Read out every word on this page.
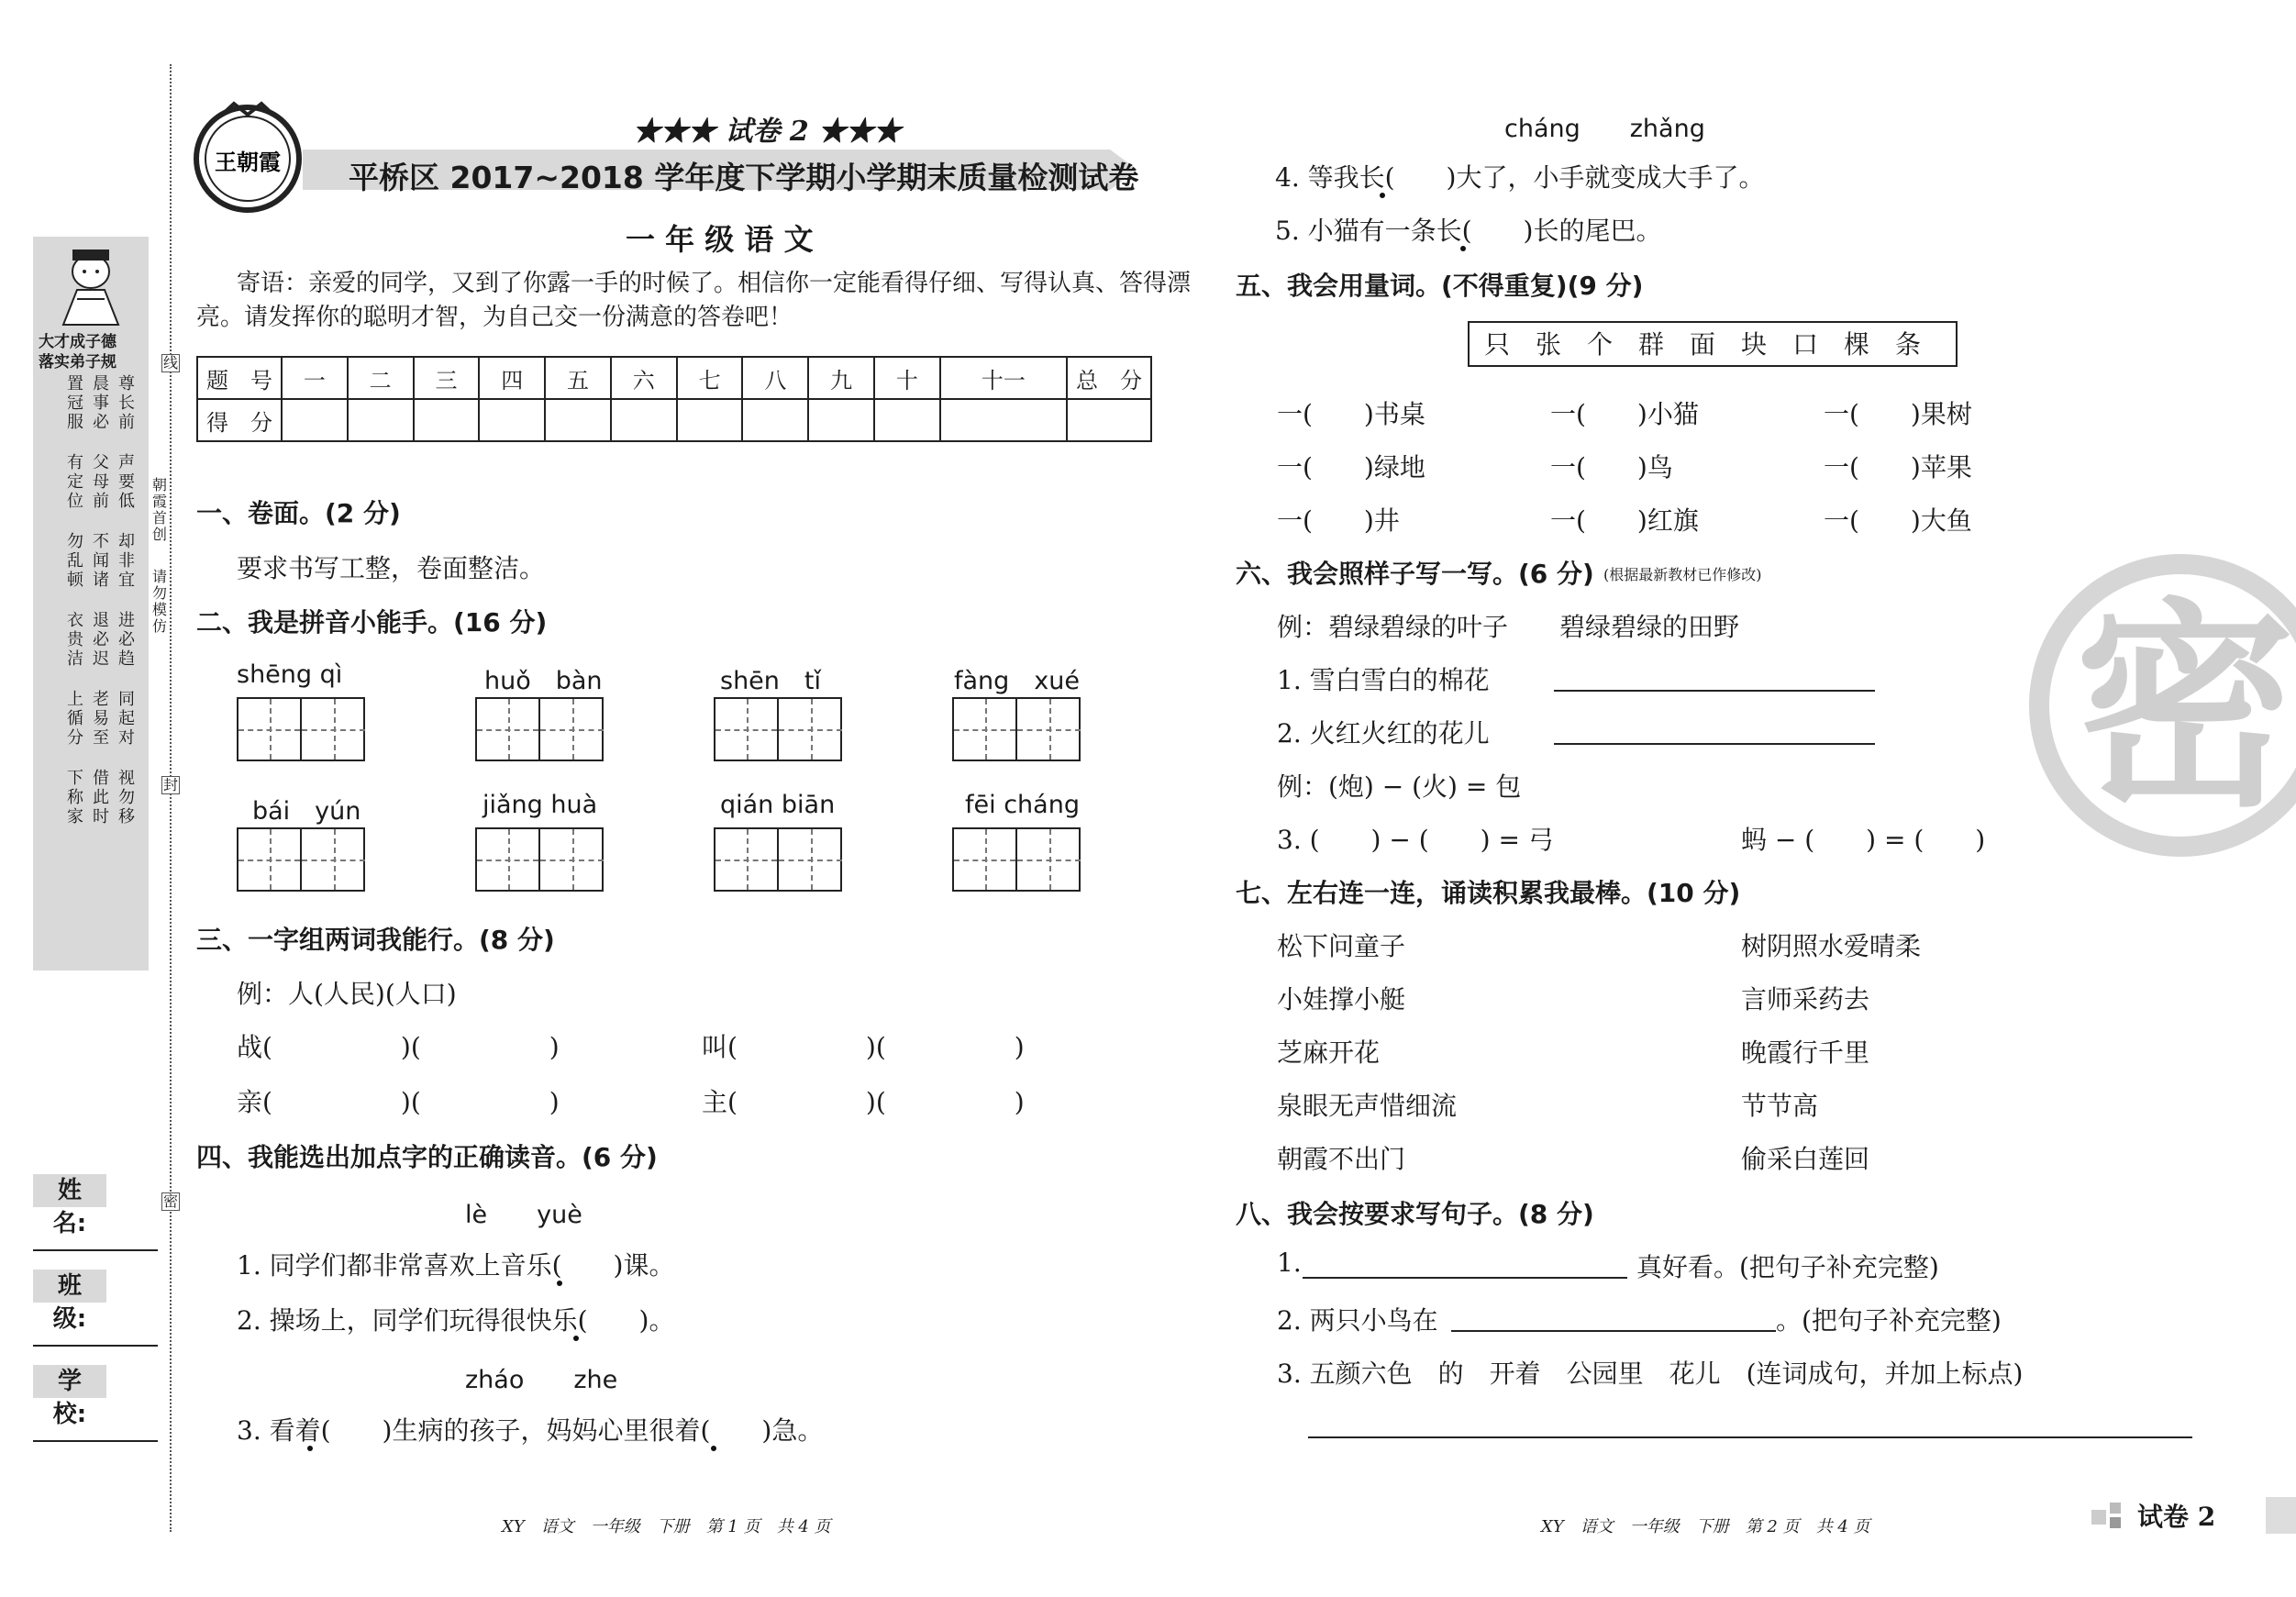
大才成子德
落实弟子规
尊长前
晨事必
置冠服
声要低
父母前
有定位
却非宜
不闻诸
勿乱顿
进必趋
退必迟
衣贵洁
同起对
老易至
上循分
视勿移
借此时
下称家
朝霞首创
请勿模仿
线
封
密
姓　名:
班　级:
学　校:
王朝霞
★★★ 试卷 2 ★★★
平桥区 2017~2018 学年度下学期小学期末质量检测试卷
一 年 级 语 文
寄语：亲爱的同学，又到了你露一手的时候了。相信你一定能看得仔细、写得认真、答得漂
亮。请发挥你的聪明才智，为自己交一份满意的答卷吧！
题　号	一	二	三	四	五	六	七	八	九	十	十一	总　分
得　分												
一、卷面。(2 分)
要求书写工整，卷面整洁。
二、我是拼音小能手。(16 分)
shēng qì	huǒ　bàn	shēn　tǐ	fàng　xué
bái　yún	jiǎng huà	qián biān	fēi cháng
三、一字组两词我能行。(8 分)
例：人(人民)(人口)
战(　　　　　)(　　　　　)	叫(　　　　　)(　　　　　)
亲(　　　　　)(　　　　　)	主(　　　　　)(　　　　　)
四、我能选出加点字的正确读音。(6 分)
lè　　yuè
1. 同学们都非常喜欢上音乐(　　)课。
2. 操场上，同学们玩得很快乐(　　)。
zháo　　zhe
3. 看着(　　)生病的孩子，妈妈心里很着(　　)急。
XY　语文　一年级　下册　第 1 页　共 4 页
cháng　　zhǎng
4. 等我长(　　)大了，小手就变成大手了。
5. 小猫有一条长(　　)长的尾巴。
五、我会用量词。(不得重复)(9 分)
只　张　个　群　面　块　口　棵　条
一(　　)书桌	一(　　)小猫	一(　　)果树
一(　　)绿地	一(　　)鸟	一(　　)苹果
一(　　)井	一(　　)红旗	一(　　)大鱼
六、我会照样子写一写。(6 分) (根据最新教材已作修改)
例：碧绿碧绿的叶子　　碧绿碧绿的田野
1. 雪白雪白的棉花
2. 火红火红的花儿
例：(炮) − (火) = 包
3. (　　) − (　　) = 弓	蚂 − (　　) = (　　)
七、左右连一连，诵读积累我最棒。(10 分)
松下问童子
小娃撑小艇
芝麻开花
泉眼无声惜细流
朝霞不出门
树阴照水爱晴柔
言师采药去
晚霞行千里
节节高
偷采白莲回
八、我会按要求写句子。(8 分)
1.	真好看。(把句子补充完整)
2. 两只小鸟在	。(把句子补充完整)
3. 五颜六色　的　开着　公园里　花儿　(连词成句，并加上标点)
XY　语文　一年级　下册　第 2 页　共 4 页	试卷 2
密
